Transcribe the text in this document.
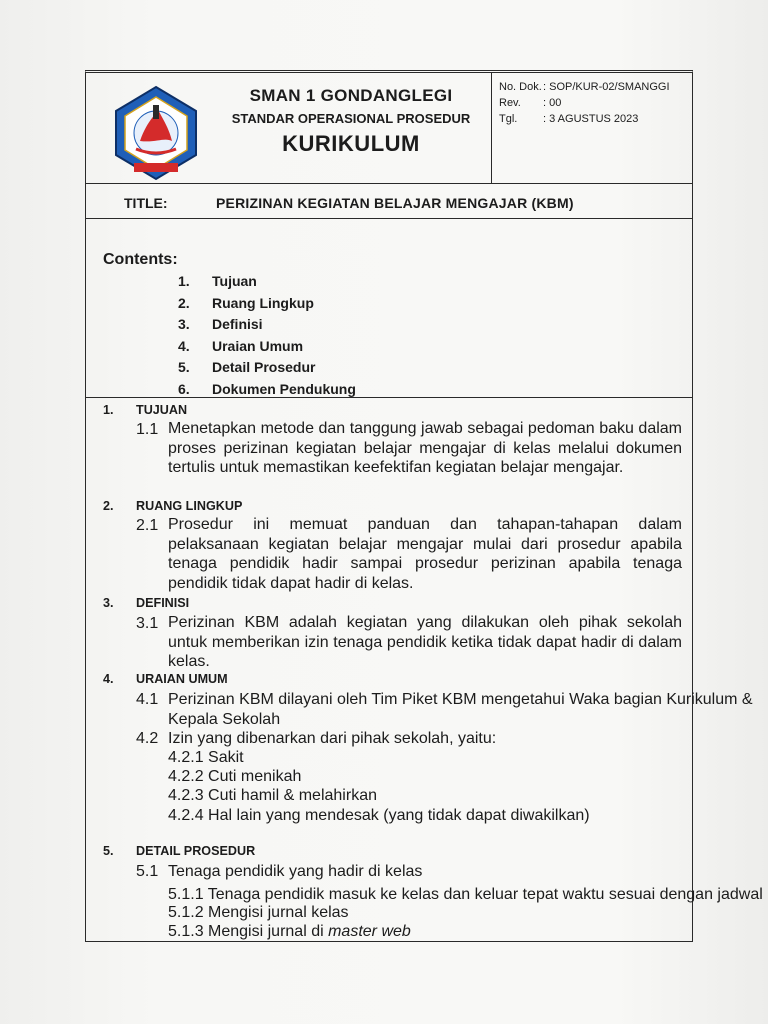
SMAN 1 GONDANGLEGI
STANDAR OPERASIONAL PROSEDUR
KURIKULUM
No. Dok.: SOP/KUR-02/SMANGGI
Rev. : 00
Tgl. : 3 AGUSTUS 2023
TITLE:	PERIZINAN KEGIATAN BELAJAR MENGAJAR (KBM)
Contents:
1. Tujuan
2. Ruang Lingkup
3. Definisi
4. Uraian Umum
5. Detail Prosedur
6. Dokumen Pendukung
1. TUJUAN
1.1 Menetapkan metode dan tanggung jawab sebagai pedoman baku dalam proses perizinan kegiatan belajar mengajar di kelas melalui dokumen tertulis untuk memastikan keefektifan kegiatan belajar mengajar.
2. RUANG LINGKUP
2.1 Prosedur ini memuat panduan dan tahapan-tahapan dalam pelaksanaan kegiatan belajar mengajar mulai dari prosedur apabila tenaga pendidik hadir sampai prosedur perizinan apabila tenaga pendidik tidak dapat hadir di kelas.
3. DEFINISI
3.1 Perizinan KBM adalah kegiatan yang dilakukan oleh pihak sekolah untuk memberikan izin tenaga pendidik ketika tidak dapat hadir di dalam kelas.
4. URAIAN UMUM
4.1 Perizinan KBM dilayani oleh Tim Piket KBM mengetahui Waka bagian Kurikulum &
Kepala Sekolah
4.2 Izin yang dibenarkan dari pihak sekolah, yaitu:
4.2.1 Sakit
4.2.2 Cuti menikah
4.2.3 Cuti hamil & melahirkan
4.2.4 Hal lain yang mendesak (yang tidak dapat diwakilkan)
5. DETAIL PROSEDUR
5.1 Tenaga pendidik yang hadir di kelas
5.1.1 Tenaga pendidik masuk ke kelas dan keluar tepat waktu sesuai dengan jadwal
5.1.2 Mengisi jurnal kelas
5.1.3 Mengisi jurnal di master web
